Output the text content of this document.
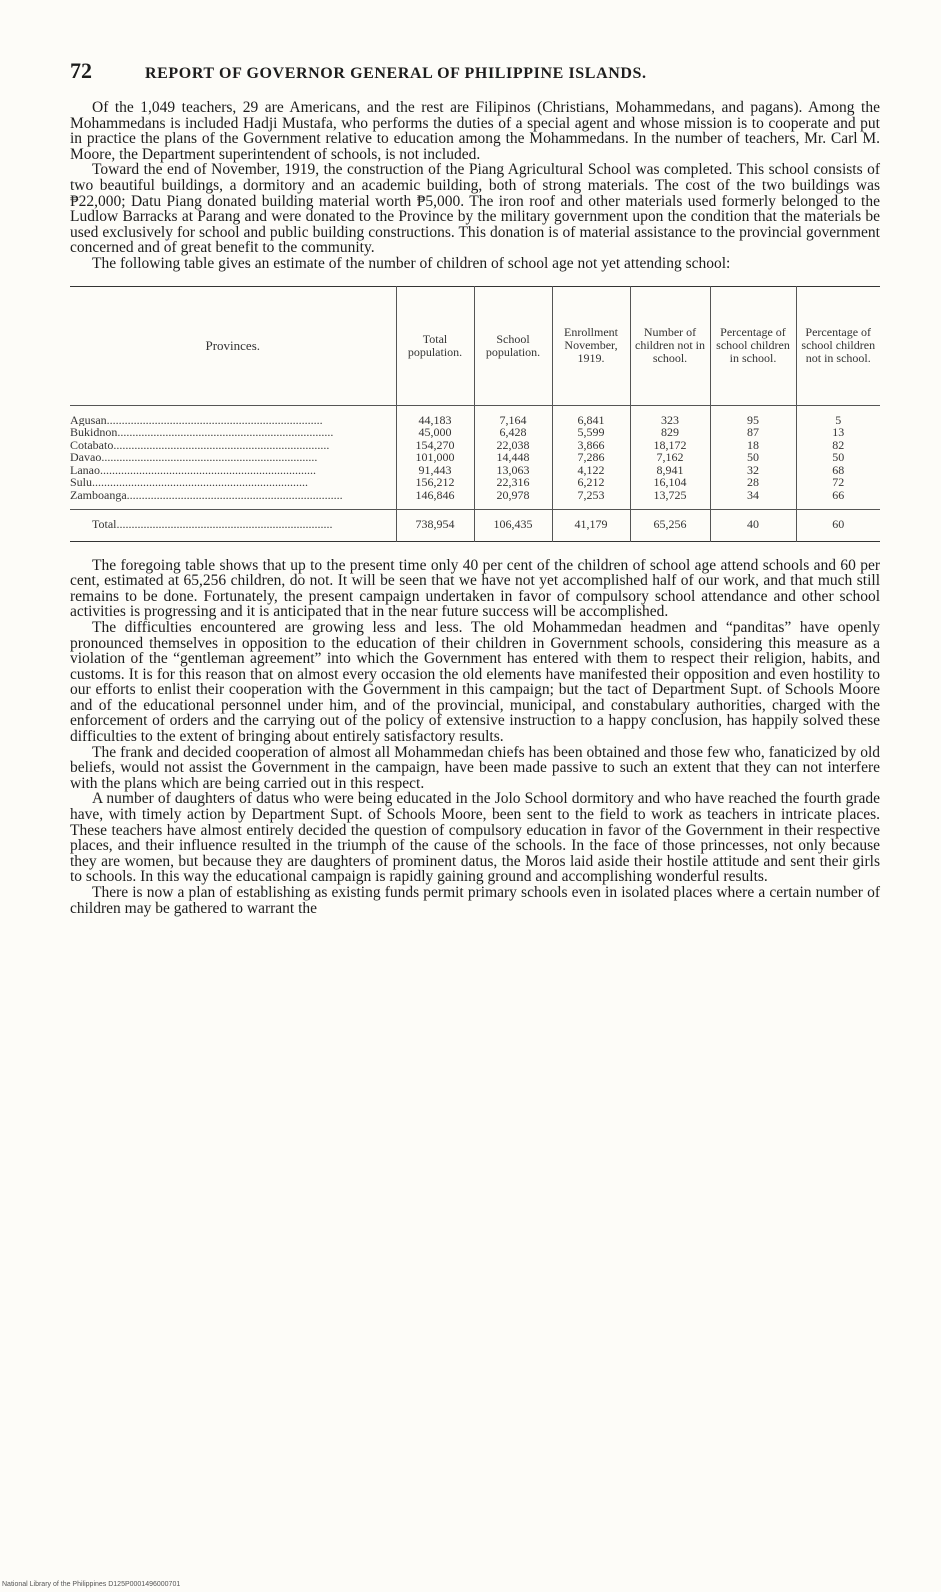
72	REPORT OF GOVERNOR GENERAL OF PHILIPPINE ISLANDS.

Of the 1,049 teachers, 29 are Americans, and the rest are Filipinos (Christians, Mohammedans, and pagans). Among the Mohammedans is included Hadji Mustafa, who performs the duties of a special agent and whose mission is to cooperate and put in practice the plans of the Government relative to education among the Mohammedans. In the number of teachers, Mr. Carl M. Moore, the Department superintendent of schools, is not included.

Toward the end of November, 1919, the construction of the Piang Agricultural School was completed. This school consists of two beautiful buildings, a dormitory and an academic building, both of strong materials. The cost of the two buildings was ₱22,000; Datu Piang donated building material worth ₱5,000. The iron roof and other materials used formerly belonged to the Ludlow Barracks at Parang and were donated to the Province by the military government upon the condition that the materials be used exclusively for school and public building constructions. This donation is of material assistance to the provincial government concerned and of great benefit to the community.

The following table gives an estimate of the number of children of school age not yet attending school:

Provinces.	Total population.	School population.	Enrollment November, 1919.	Number of children not in school.	Percentage of school children in school.	Percentage of school children not in school.
Agusan........................................................................	44,183	7,164	6,841	323	95	5
Bukidnon........................................................................	45,000	6,428	5,599	829	87	13
Cotabato........................................................................	154,270	22,038	3,866	18,172	18	82
Davao........................................................................	101,000	14,448	7,286	7,162	50	50
Lanao........................................................................	91,443	13,063	4,122	8,941	32	68
Sulu........................................................................	156,212	22,316	6,212	16,104	28	72
Zamboanga........................................................................	146,846	20,978	7,253	13,725	34	66
Total........................................................................	738,954	106,435	41,179	65,256	40	60

The foregoing table shows that up to the present time only 40 per cent of the children of school age attend schools and 60 per cent, estimated at 65,256 children, do not. It will be seen that we have not yet accomplished half of our work, and that much still remains to be done. Fortunately, the present campaign undertaken in favor of compulsory school attendance and other school activities is progressing and it is anticipated that in the near future success will be accomplished.

The difficulties encountered are growing less and less. The old Mohammedan headmen and “panditas” have openly pronounced themselves in opposition to the education of their children in Government schools, considering this measure as a violation of the “gentleman agreement” into which the Government has entered with them to respect their religion, habits, and customs. It is for this reason that on almost every occasion the old elements have manifested their opposition and even hostility to our efforts to enlist their cooperation with the Government in this campaign; but the tact of Department Supt. of Schools Moore and of the educational personnel under him, and of the provincial, municipal, and constabulary authorities, charged with the enforcement of orders and the carrying out of the policy of extensive instruction to a happy conclusion, has happily solved these difficulties to the extent of bringing about entirely satisfactory results.

The frank and decided cooperation of almost all Mohammedan chiefs has been obtained and those few who, fanaticized by old beliefs, would not assist the Government in the campaign, have been made passive to such an extent that they can not interfere with the plans which are being carried out in this respect.

A number of daughters of datus who were being educated in the Jolo School dormitory and who have reached the fourth grade have, with timely action by Department Supt. of Schools Moore, been sent to the field to work as teachers in intricate places. These teachers have almost entirely decided the question of compulsory education in favor of the Government in their respective places, and their influence resulted in the triumph of the cause of the schools. In the face of those princesses, not only because they are women, but because they are daughters of prominent datus, the Moros laid aside their hostile attitude and sent their girls to schools. In this way the educational campaign is rapidly gaining ground and accomplishing wonderful results.

There is now a plan of establishing as existing funds permit primary schools even in isolated places where a certain number of children may be gathered to warrant the

National Library of the Philippines D125P0001496000701
